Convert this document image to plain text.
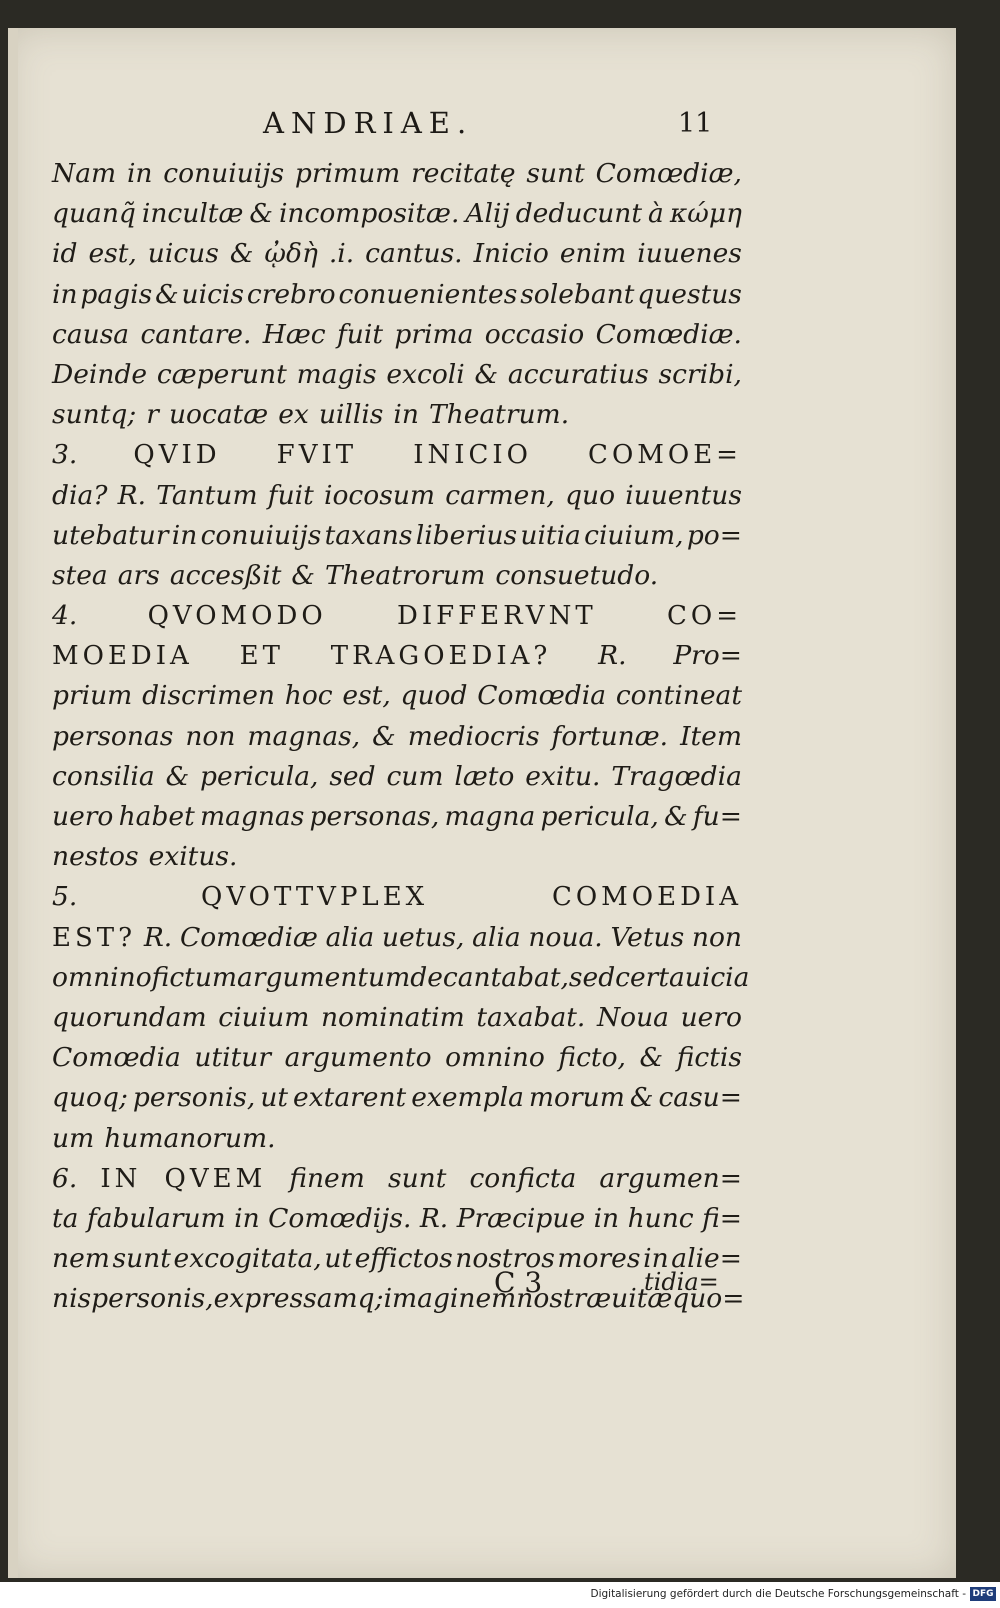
ANDRIAE.	11
Nam in conuiuijs primum recitatę sunt Comœdiæ,
quanq̃ incultæ & incompositæ. Alij deducunt à κώμη
id est, uicus & ᾠδὴ .i. cantus. Inicio enim iuuenes
in pagis & uicis crebro conuenientes solebant questus
causa cantare. Hæc fuit prima occasio Comœdiæ.
Deinde cæperunt magis excoli & accuratius scribi,
suntq; r uocatæ ex uillis in Theatrum.
3. QVID FVIT INICIO COMOE=
dia? R. Tantum fuit iocosum carmen, quo iuuentus
utebatur in conuiuijs taxans liberius uitia ciuium, po=
stea ars accesßit & Theatrorum consuetudo.
4.	QVOMODO	DIFFERVNT	CO=
MOEDIA ET TRAGOEDIA? R. Pro=
prium discrimen hoc est, quod Comœdia contineat
personas non magnas, & mediocris fortunæ. Item
consilia & pericula, sed cum læto exitu. Tragœdia
uero habet magnas personas, magna pericula, & fu=
nestos exitus.
5.	QVOTTVPLEX	COMOEDIA
EST? R. Comœdiæ alia uetus, alia noua. Vetus non
omnino fictum argumentum decantabat, sed certa uicia
quorundam ciuium nominatim taxabat. Noua uero
Comœdia utitur argumento omnino ficto, & fictis
quoq; personis, ut extarent exempla morum & casu=
um humanorum.
6. IN QVEM finem sunt conficta argumen=
ta fabularum in Comœdijs. R. Præcipue in hunc fi=
nem sunt excogitata, ut effictos nostros mores in alie=
nis personis, expressamq; imaginem nostræ uitæ quo=
C 3	tidia=
Digitalisierung gefördert durch die Deutsche Forschungsgemeinschaft - DFG
